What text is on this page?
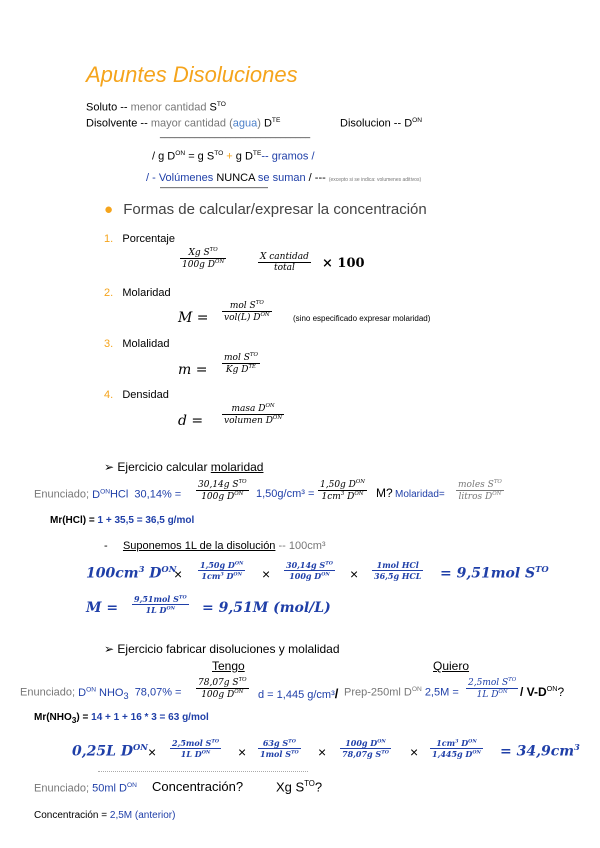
Apuntes Disoluciones
Soluto -- menor cantidad $S^{TO}$
Disolvente -- mayor cantidad (agua) $D^{TE}$	Disolucion -- $D^{ON}$
______________________________
/ g $D^{ON} = g$ $S^{TO} + g$ $D^{TE}--$ gramos /
/ - Volúmenes NUNCA se suman / --- (excepto si se indica: volumenes aditivos)
————————————
● Formas de calcular/expresar la concentración
1. Porcentaje
2. Molaridad
3. Molalidad
4. Densidad
Xg $S^{TO}$
100g $D^{ON}$	X cantidad
total	× 100
M =
mol $S^{TO}$
vol(L) $D^{ON}$	(sino especificado expresar molaridad)
m =
mol $S^{TO}$
Kg $D^{TE}$
d =
masa $D^{ON}$
volumen $D^{ON}$
➢ Ejercicio calcular molaridad
Enunciado; $D^{ON}HCl$ 30,14% =
30,14g $S^{TO}$
100g $D^{ON}$	1,50g/cm³ =
1,50g $D^{ON}$
$1cm^3$ $D^{ON}$ M? Molaridad=
moles $S^{TO}$
litros $D^{ON}$
Mr(HCl) = 1 + 35,5 = 36,5 g/mol
- Suponemos 1L de la disolución -- 100cm³
$100cm^3$ $D^{ON}$
×
1,50g $D^{ON}$
$1cm^3$ $D^{ON}$ ×
30,14g $S^{TO}$
100g $D^{ON}$	×
1mol HCl
36,5g HCL = 9,51mol $S^{TO}$
M =
9,51mol $S^{TO}$
1L $D^{ON}$	= 9,51M (mol/L)
➢ Ejercicio fabricar disoluciones y molalidad
Tengo	Quiero
Enunciado; $D^{ON}$ $NHO_3$ 78,07% =
78,07g $S^{TO}$
100g $D^{ON}$	d = 1,445 g/cm³/ Prep-250ml $D^{ON}$ 2,5M =
2,5mol $S^{TO}$
1L $D^{ON}$	/ $V-D^{ON}$?
$Mr(NHO_3) = 14 + 1 + 16 * 3 = 63$ g/mol
0,25L $D^{ON}$ ×
2,5mol $S^{TO}$
1L $D^{ON}$	×
63g $S^{TO}$
1mol $S^{TO}$ ×
100g $D^{ON}$
78,07g $S^{TO}$ ×
$1cm^3$ $D^{ON}$
1,445g $D^{ON} = 34,9cm^3$
Enunciado; 50ml $D^{ON}$ Concentración?	Xg $S^{TO}$?
Concentración = 2,5M (anterior)
